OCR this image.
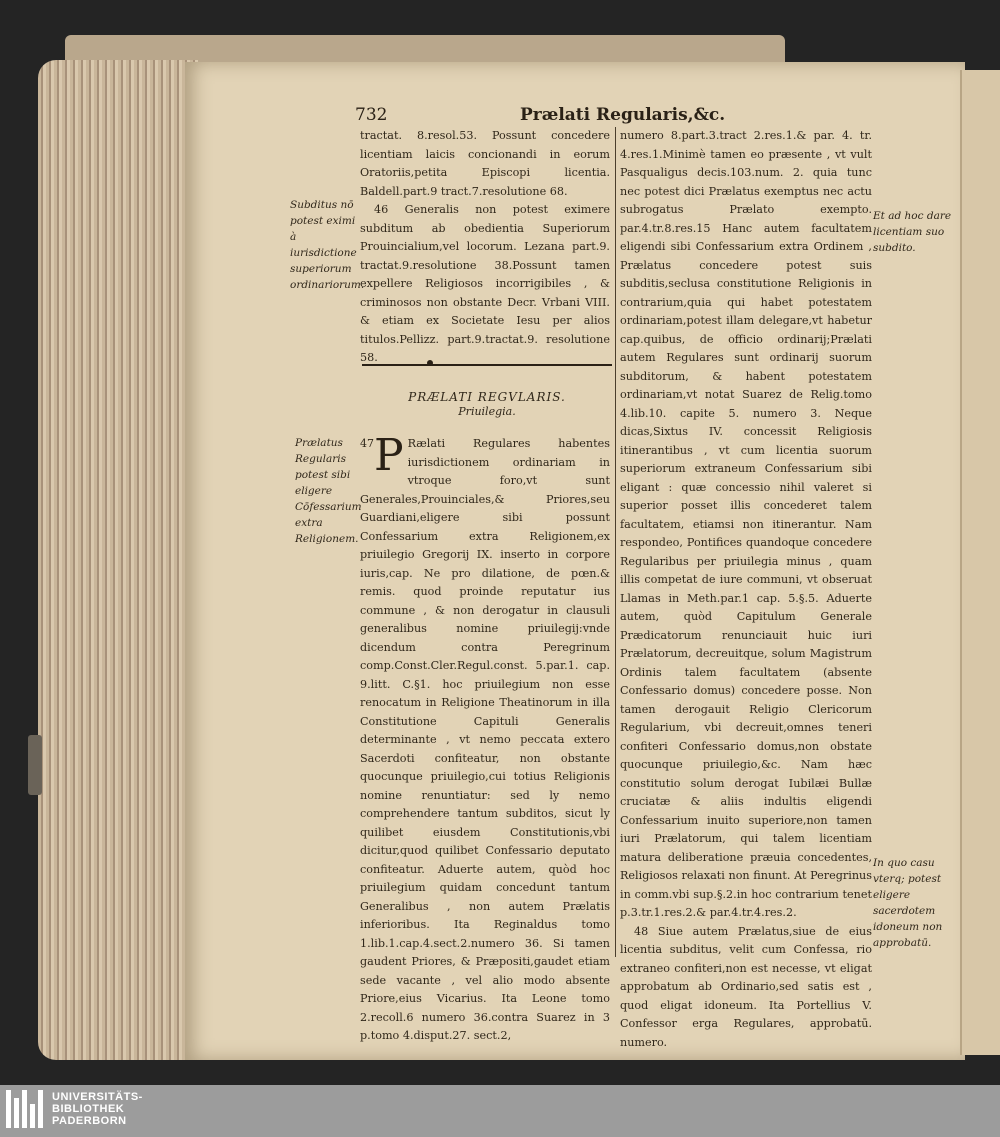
732	Prælati Regularis,&c.

tractat. 8.resol.53. Possunt concedere licentiam laicis concionandi in eorum Oratoriis,petita Episcopi licentia. Baldell.part.9 tract.7.resolutione 68.

46 Generalis non potest eximere subditum ab obedientia Superiorum Prouincialium,vel locorum. Lezana part.9. tractat.9.resolutione 38.Possunt tamen expellere Religiosos incorrigibiles , & criminosos non obstante Decr. Vrbani VIII. & etiam ex Societate Iesu per alios titulos.Pellizz. part.9.tractat.9. resolutione 58.

PRÆLATI REGVLARIS.
Priuilegia.
47 P Rælati Regulares habentes iurisdictionem ordinariam in vtroque foro,vt sunt Generales,Prouinciales,& Priores,seu Guardiani,eligere sibi possunt Confessarium extra Religionem,ex priuilegio Gregorij IX. inserto in corpore iuris,cap. Ne pro dilatione, de pœn.& remis. quod proinde reputatur ius commune , & non derogatur in clausuli generalibus nomine priuilegij:vnde dicendum contra Peregrinum comp.Const.Cler.Regul.const. 5.par.1. cap. 9.litt. C.§1. hoc priuilegium non esse renocatum in Religione Theatinorum in illa Constitutione Capituli Generalis determinante , vt nemo peccata extero Sacerdoti confiteatur, non obstante quocunque priuilegio,cui totius Religionis nomine renuntiatur: sed ly nemo comprehendere tantum subditos, sicut ly quilibet eiusdem Constitutionis,vbi dicitur,quod quilibet Confessario deputato confiteatur. Aduerte autem, quòd hoc priuilegium quidam concedunt tantum Generalibus , non autem Prælatis inferioribus. Ita Reginaldus tomo 1.lib.1.cap.4.sect.2.numero 36. Si tamen gaudent Priores, & Præpositi,gaudet etiam sede vacante , vel alio modo absente Priore,eius Vicarius. Ita Leone tomo 2.recoll.6 numero 36.contra Suarez in 3 p.tomo 4.disput.27. sect.2,

numero 8.part.3.tract 2.res.1.& par. 4. tr. 4.res.1.Minimè tamen eo præsente , vt vult Pasqualigus decis.103.num. 2. quia tunc nec potest dici Prælatus exemptus nec actu subrogatus Prælato exempto. par.4.tr.8.res.15 Hanc autem facultatem eligendi sibi Confessarium extra Ordinem , Prælatus concedere potest suis subditis,seclusa constitutione Religionis in contrarium,quia qui habet potestatem ordinariam,potest illam delegare,vt habetur cap.quibus, de officio ordinarij;Prælati autem Regulares sunt ordinarij suorum subditorum, & habent potestatem ordinariam,vt notat Suarez de Relig.tomo 4.lib.10. capite 5. numero 3. Neque dicas,Sixtus IV. concessit Religiosis itinerantibus , vt cum licentia suorum superiorum extraneum Confessarium sibi eligant : quæ concessio nihil valeret si superior posset illis concederet talem facultatem, etiamsi non itinerantur. Nam respondeo, Pontifices quandoque concedere Regularibus per priuilegia minus , quam illis competat de iure communi, vt obseruat Llamas in Meth.par.1 cap. 5.§.5. Aduerte autem, quòd Capitulum Generale Prædicatorum renunciauit huic iuri Prælatorum, decreuitque, solum Magistrum Ordinis talem facultatem (absente Confessario domus) concedere posse. Non tamen derogauit Religio Clericorum Regularium, vbi decreuit,omnes teneri confiteri Confessario domus,non obstate quocunque priuilegio,&c. Nam hæc constitutio solum derogat Iubilæi Bullæ cruciatæ & aliis indultis eligendi Confessarium inuito superiore,non tamen iuri Prælatorum, qui talem licentiam matura deliberatione præuia concedentes, Religiosos relaxati non finunt. At Peregrinus in comm.vbi sup.§.2.in hoc contrarium tenet p.3.tr.1.res.2.& par.4.tr.4.res.2.

48 Siue autem Prælatus,siue de eius licentia subditus, velit cum Confessa, rio extraneo confiteri,non est necesse, vt eligat approbatum ab Ordinario,sed satis est , quod eligat idoneum. Ita Portellius V. Confessor erga Regulares, approbatū. numero.

Subditus nō potest eximi à iurisdictione superiorum ordinariorum.
Prælatus Regularis potest sibi eligere Cōfessarium extra Religionem.
Et ad hoc dare licentiam suo subdito.
In quo casu vterq; potest eligere sacerdotem idoneum non approbatū.
UNIVERSITÄTS-
BIBLIOTHEK
PADERBORN
